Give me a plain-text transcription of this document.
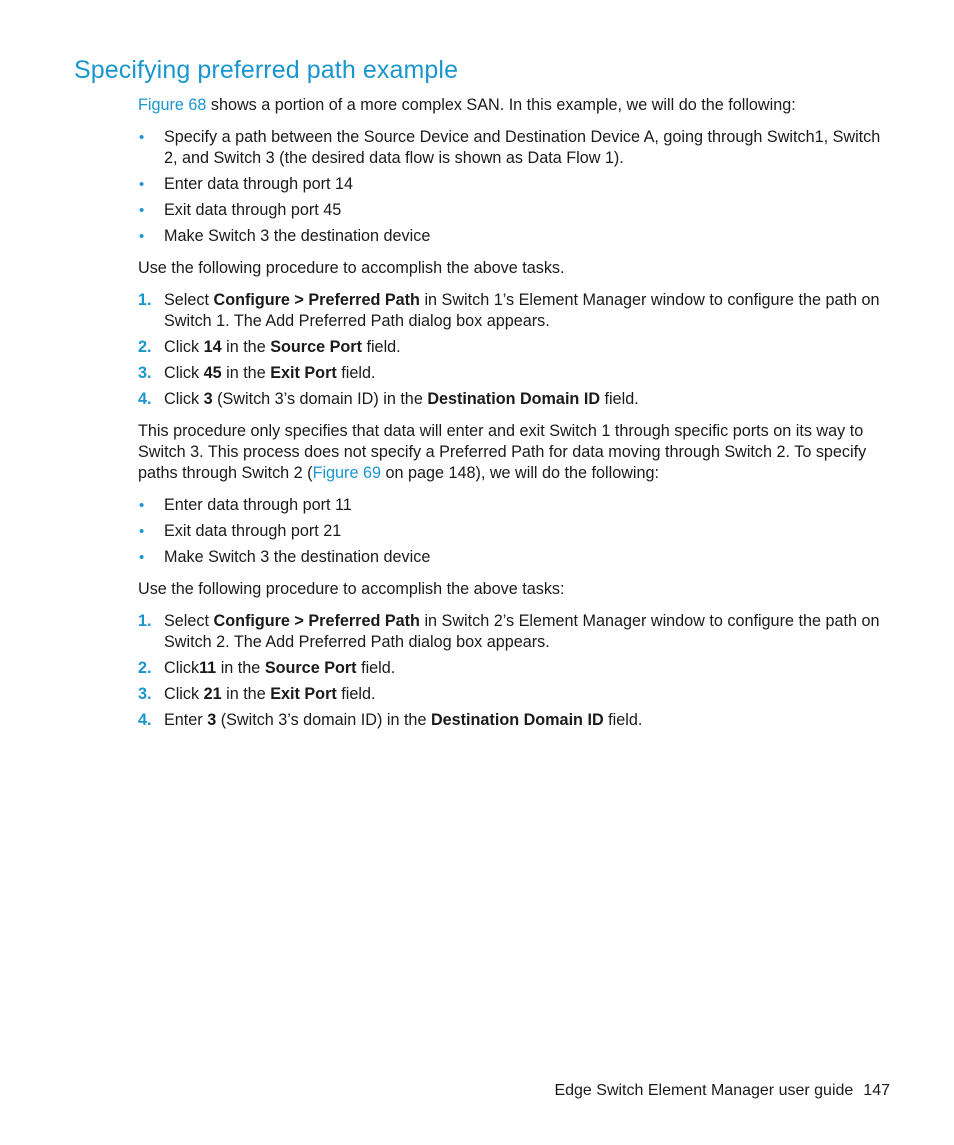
Specifying preferred path example

Figure 68 shows a portion of a more complex SAN. In this example, we will do the following:

• Specify a path between the Source Device and Destination Device A, going through Switch1, Switch 2, and Switch 3 (the desired data flow is shown as Data Flow 1).
• Enter data through port 14
• Exit data through port 45
• Make Switch 3 the destination device

Use the following procedure to accomplish the above tasks.

1. Select Configure > Preferred Path in Switch 1’s Element Manager window to configure the path on Switch 1. The Add Preferred Path dialog box appears.
2. Click 14 in the Source Port field.
3. Click 45 in the Exit Port field.
4. Click 3 (Switch 3’s domain ID) in the Destination Domain ID field.

This procedure only specifies that data will enter and exit Switch 1 through specific ports on its way to Switch 3. This process does not specify a Preferred Path for data moving through Switch 2. To specify paths through Switch 2 (Figure 69 on page 148), we will do the following:

• Enter data through port 11
• Exit data through port 21
• Make Switch 3 the destination device

Use the following procedure to accomplish the above tasks:

1. Select Configure > Preferred Path in Switch 2’s Element Manager window to configure the path on Switch 2. The Add Preferred Path dialog box appears.
2. Click11 in the Source Port field.
3. Click 21 in the Exit Port field.
4. Enter 3 (Switch 3’s domain ID) in the Destination Domain ID field.
Edge Switch Element Manager user guide 147
